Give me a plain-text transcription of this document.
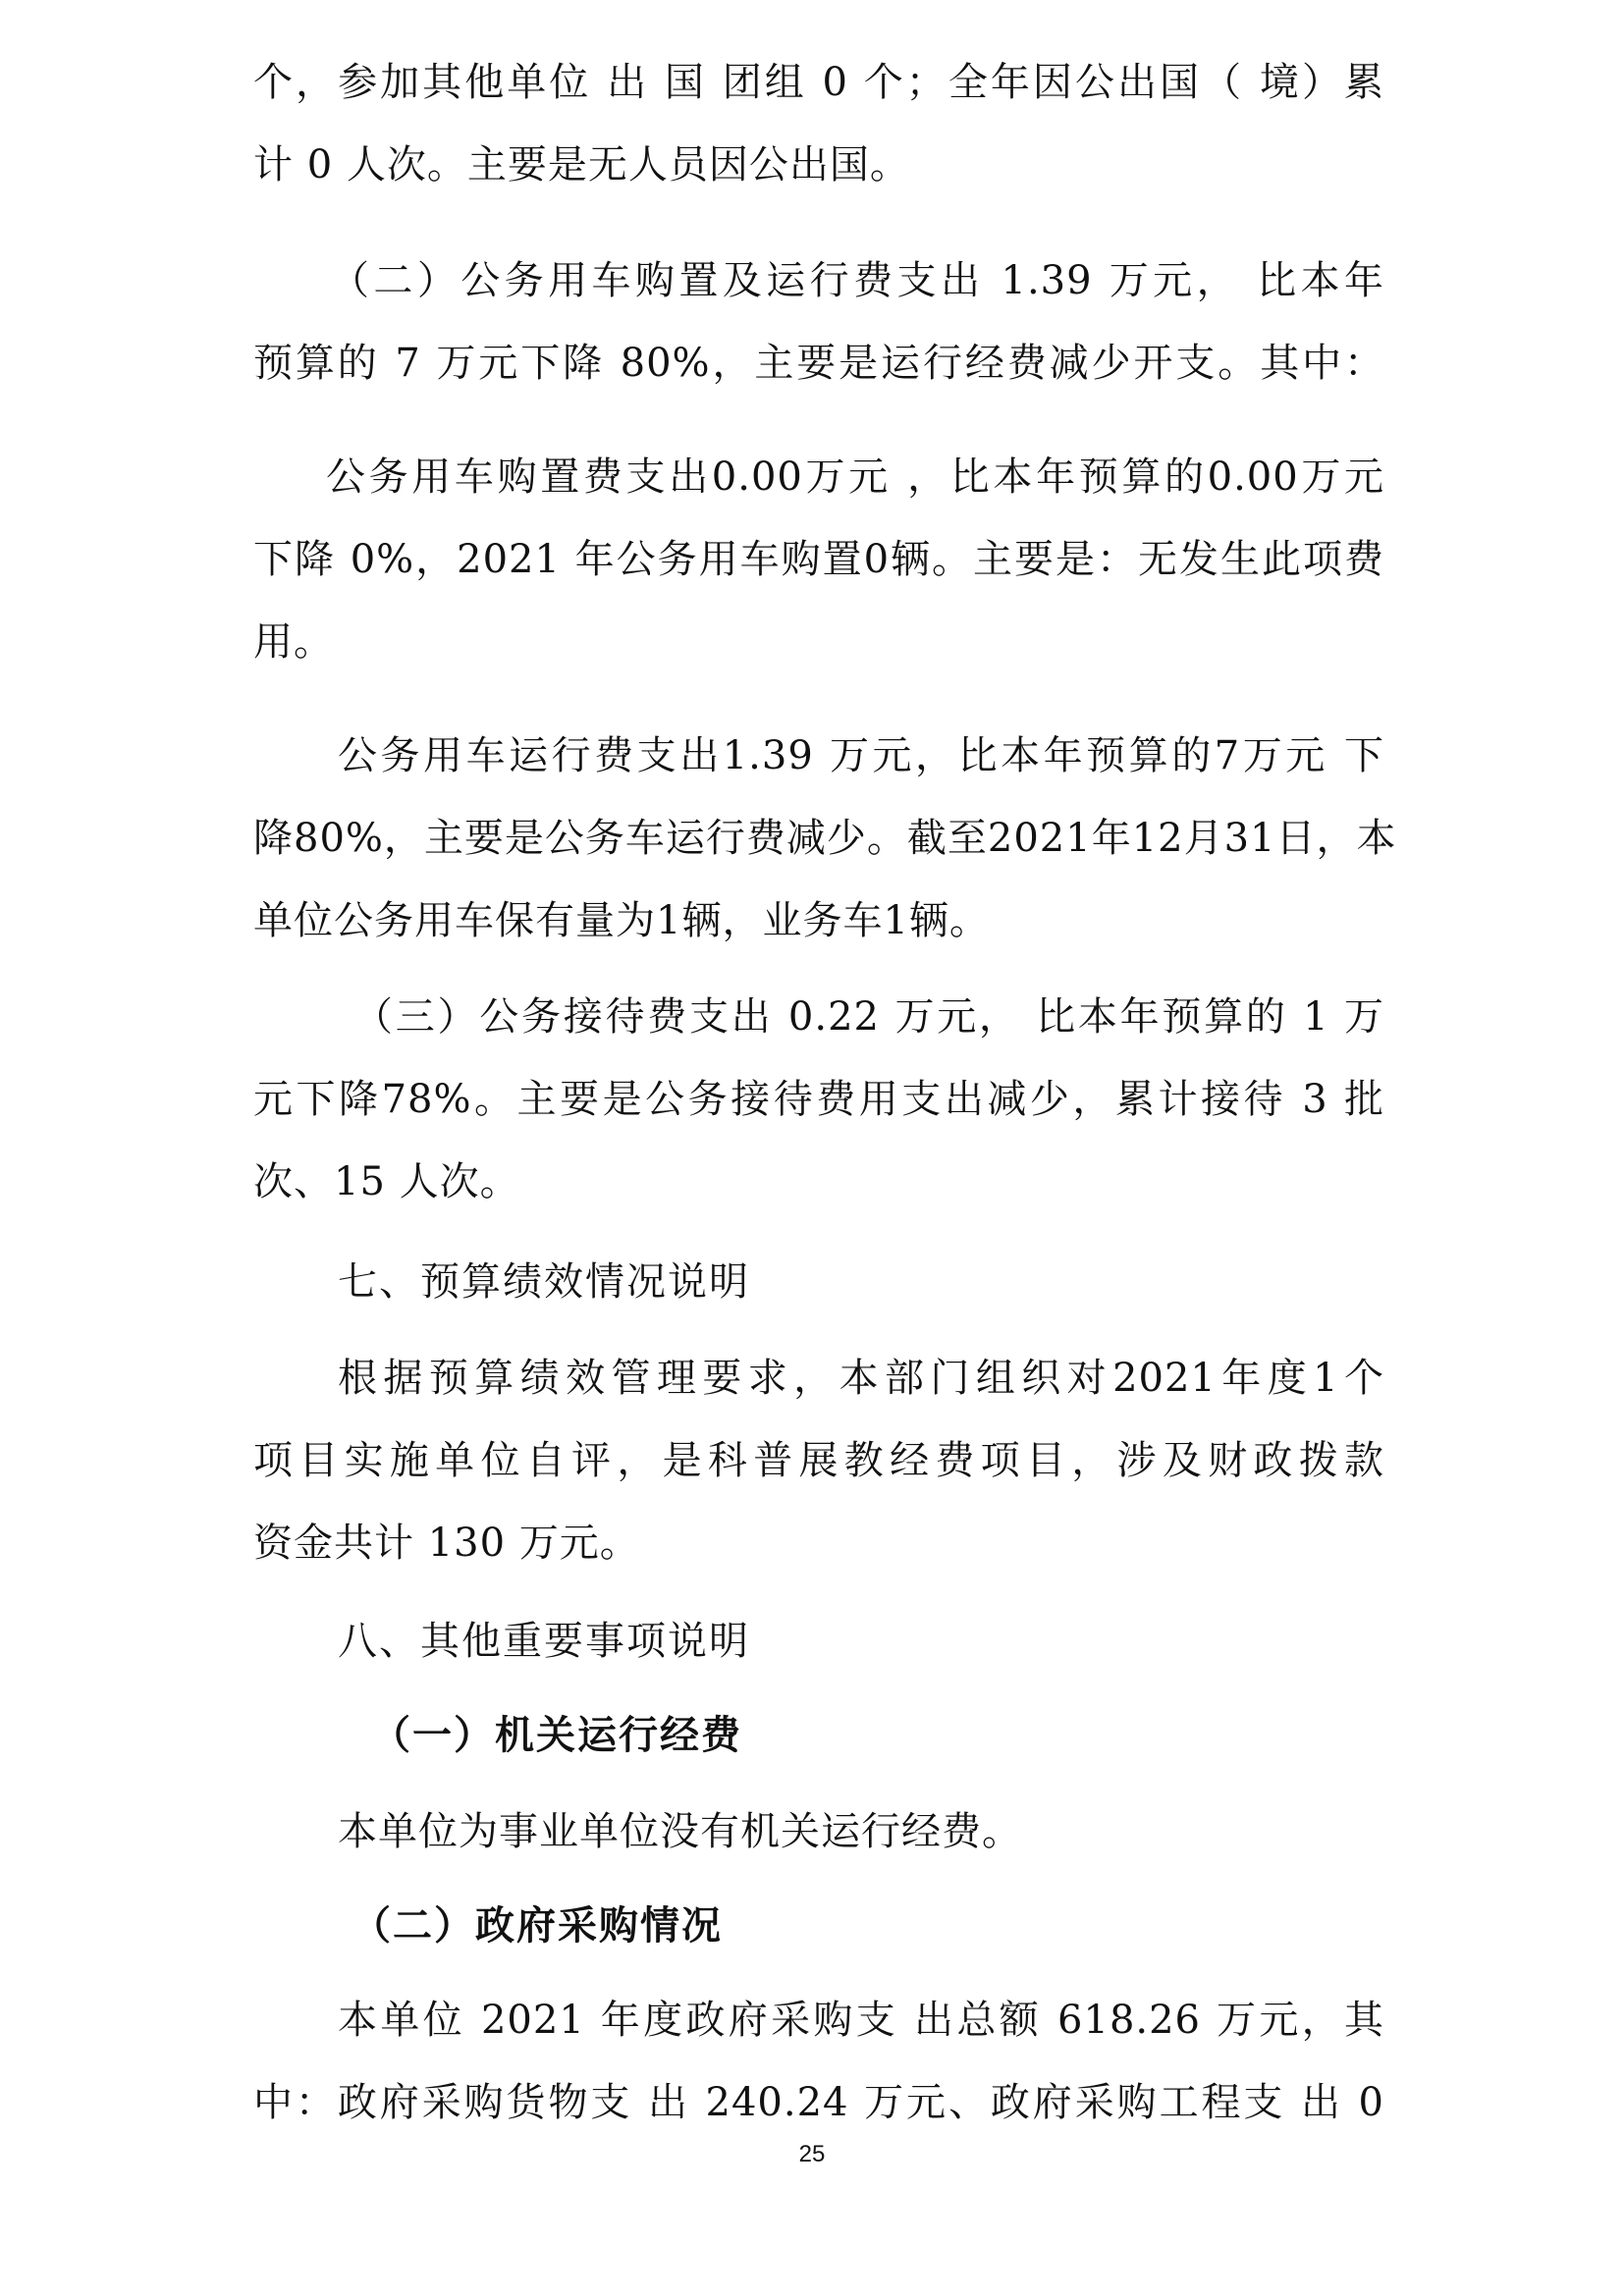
个，参加其他单位 出 国 团组 0 个；全年因公出国（ 境）累
计 0 人次。主要是无人员因公出国。
（二）公务用车购置及运行费支出 1.39 万元， 比本年
预算的 7 万元下降 80%，主要是运行经费减少开支。其中：
公务用车购置费支出0.00万元 ，比本年预算的0.00万元
下降 0%，2021 年公务用车购置0辆。主要是：无发生此项费
用。
公务用车运行费支出1.39 万元，比本年预算的7万元 下
降80%，主要是公务车运行费减少。截至2021年12月31日，本
单位公务用车保有量为1辆，业务车1辆。
（三）公务接待费支出 0.22 万元， 比本年预算的 1 万
元下降78%。主要是公务接待费用支出减少，累计接待 3 批
次、15 人次。
七、预算绩效情况说明
根据预算绩效管理要求，本部门组织对2021年度1个
项目实施单位自评，是科普展教经费项目，涉及财政拨款
资金共计 130 万元。
八、其他重要事项说明
（一）机关运行经费
本单位为事业单位没有机关运行经费。
（二）政府采购情况
本单位 2021 年度政府采购支 出总额 618.26 万元，其
中：政府采购货物支 出 240.24 万元、政府采购工程支 出 0
25
